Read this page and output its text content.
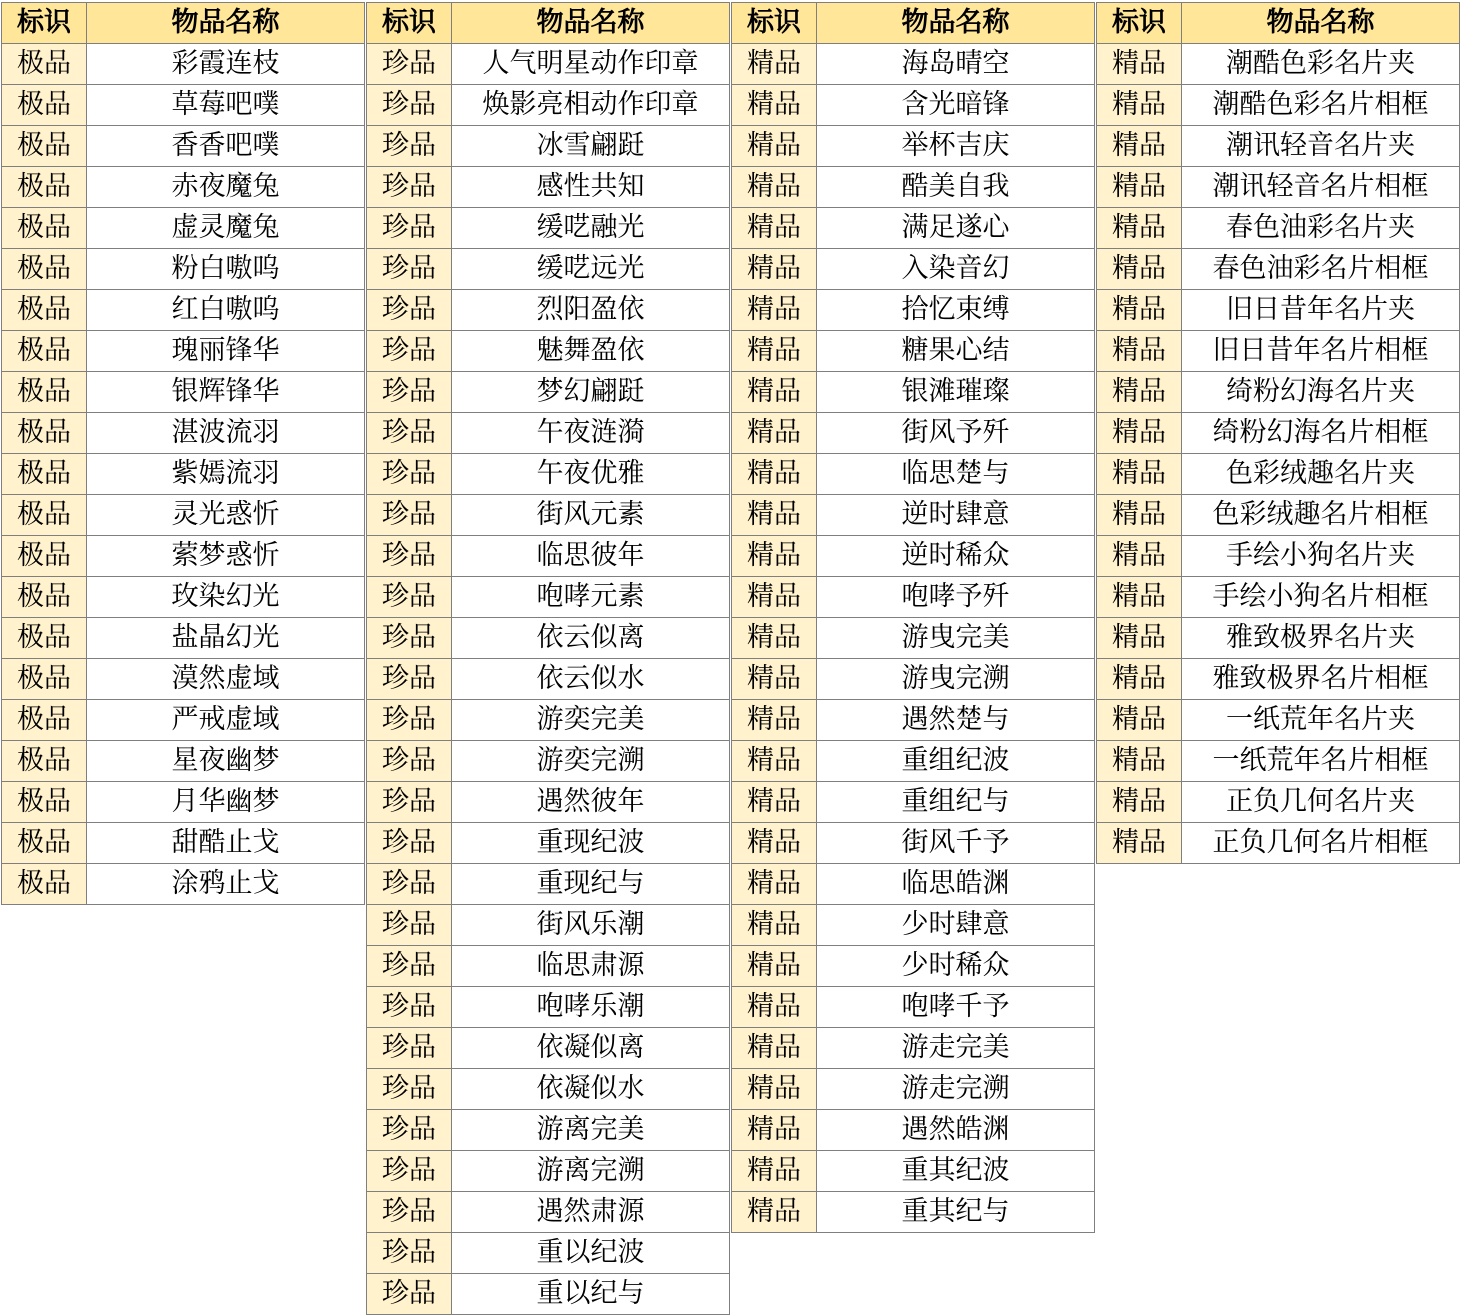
标识	物品名称
极品	彩霞连枝
极品	草莓吧噗
极品	香香吧噗
极品	赤夜魔兔
极品	虚灵魔兔
极品	粉白嗷呜
极品	红白嗷呜
极品	瑰丽锋华
极品	银辉锋华
极品	湛波流羽
极品	紫嫣流羽
极品	灵光惑忻
极品	萦梦惑忻
极品	玫染幻光
极品	盐晶幻光
极品	漠然虚域
极品	严戒虚域
极品	星夜幽梦
极品	月华幽梦
极品	甜酷止戈
极品	涂鸦止戈
标识	物品名称
珍品	人气明星动作印章
珍品	焕影亮相动作印章
珍品	冰雪翩跹
珍品	感性共知
珍品	缓呓融光
珍品	缓呓远光
珍品	烈阳盈依
珍品	魅舞盈依
珍品	梦幻翩跹
珍品	午夜涟漪
珍品	午夜优雅
珍品	街风元素
珍品	临思彼年
珍品	咆哮元素
珍品	依云似离
珍品	依云似水
珍品	游奕完美
珍品	游奕完溯
珍品	遇然彼年
珍品	重现纪波
珍品	重现纪与
珍品	街风乐潮
珍品	临思肃源
珍品	咆哮乐潮
珍品	依凝似离
珍品	依凝似水
珍品	游离完美
珍品	游离完溯
珍品	遇然肃源
珍品	重以纪波
珍品	重以纪与
标识	物品名称
精品	海岛晴空
精品	含光暗锋
精品	举杯吉庆
精品	酷美自我
精品	满足遂心
精品	入染音幻
精品	拾忆束缚
精品	糖果心结
精品	银滩璀璨
精品	街风予歼
精品	临思楚与
精品	逆时肆意
精品	逆时稀众
精品	咆哮予歼
精品	游曳完美
精品	游曳完溯
精品	遇然楚与
精品	重组纪波
精品	重组纪与
精品	街风千予
精品	临思皓渊
精品	少时肆意
精品	少时稀众
精品	咆哮千予
精品	游走完美
精品	游走完溯
精品	遇然皓渊
精品	重其纪波
精品	重其纪与
标识	物品名称
精品	潮酷色彩名片夹
精品	潮酷色彩名片相框
精品	潮讯轻音名片夹
精品	潮讯轻音名片相框
精品	春色油彩名片夹
精品	春色油彩名片相框
精品	旧日昔年名片夹
精品	旧日昔年名片相框
精品	绮粉幻海名片夹
精品	绮粉幻海名片相框
精品	色彩绒趣名片夹
精品	色彩绒趣名片相框
精品	手绘小狗名片夹
精品	手绘小狗名片相框
精品	雅致极界名片夹
精品	雅致极界名片相框
精品	一纸荒年名片夹
精品	一纸荒年名片相框
精品	正负几何名片夹
精品	正负几何名片相框
